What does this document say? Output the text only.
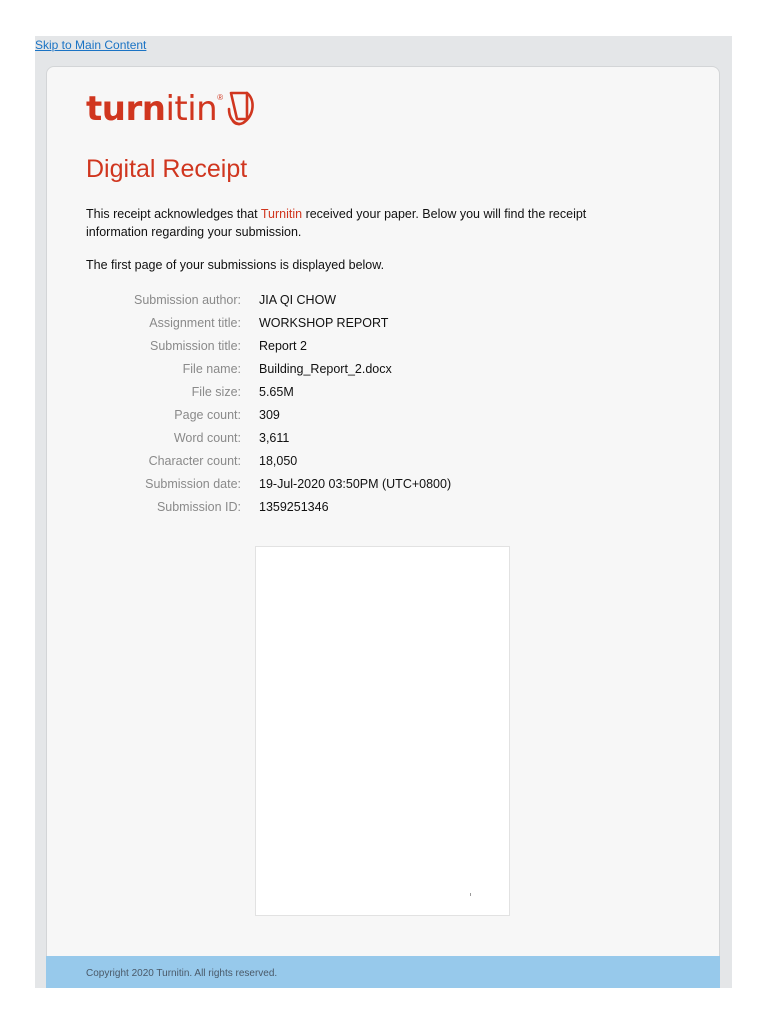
Skip to Main Content
turnitin ®
Digital Receipt
This receipt acknowledges that Turnitin received your paper. Below you will find the receipt information regarding your submission.
The first page of your submissions is displayed below.
Submission author:	JIA QI CHOW
Assignment title:	WORKSHOP REPORT
Submission title:	Report 2
File name:	Building_Report_2.docx
File size:	5.65M
Page count:	309
Word count:	3,611
Character count:	18,050
Submission date:	19-Jul-2020 03:50PM (UTC+0800)
Submission ID:	1359251346
Copyright 2020 Turnitin. All rights reserved.
